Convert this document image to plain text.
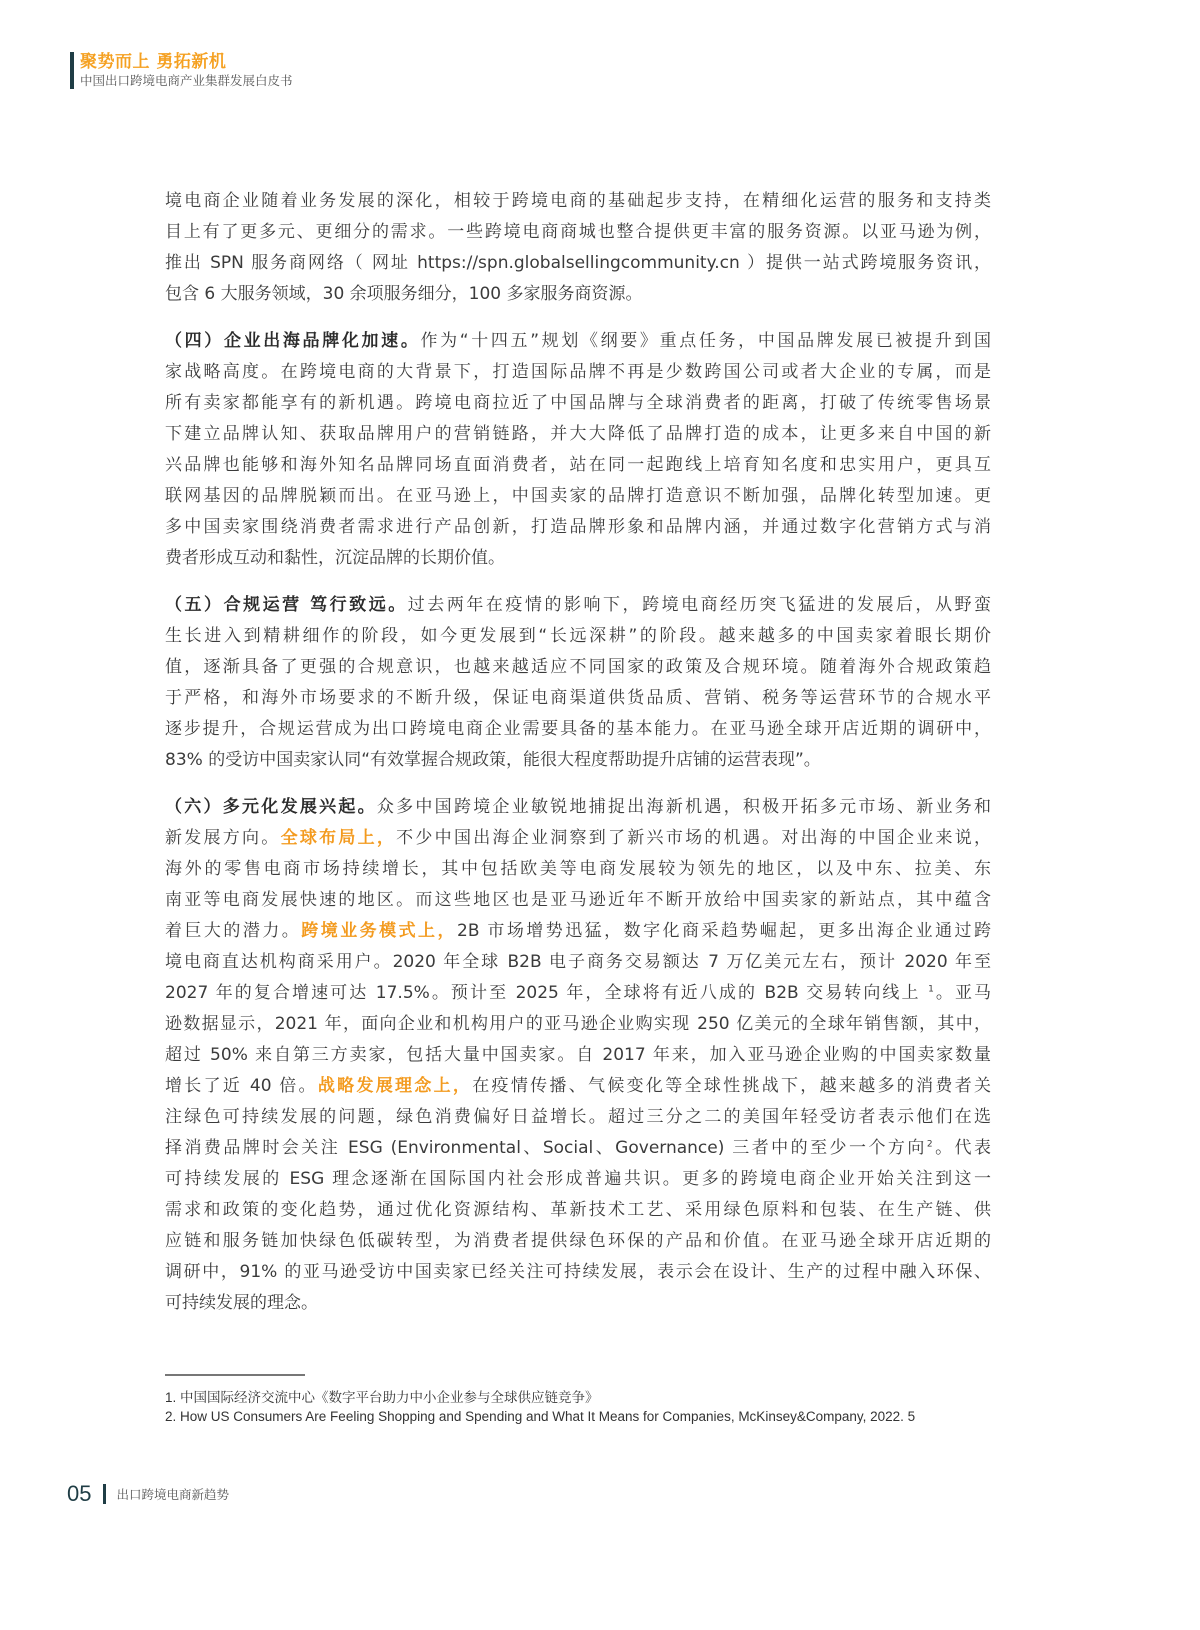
聚势而上 勇拓新机
中国出口跨境电商产业集群发展白皮书
境电商企业随着业务发展的深化，相较于跨境电商的基础起步支持，在精细化运营的服务和支持类
目上有了更多元、更细分的需求。一些跨境电商商城也整合提供更丰富的服务资源。以亚马逊为例，
推出 SPN 服务商网络（ 网址 https://spn.globalsellingcommunity.cn ）提供一站式跨境服务资讯，
包含 6 大服务领域，30 余项服务细分，100 多家服务商资源。
（四）企业出海品牌化加速。作为“十四五”规划《纲要》重点任务，中国品牌发展已被提升到国
家战略高度。在跨境电商的大背景下，打造国际品牌不再是少数跨国公司或者大企业的专属，而是
所有卖家都能享有的新机遇。跨境电商拉近了中国品牌与全球消费者的距离，打破了传统零售场景
下建立品牌认知、获取品牌用户的营销链路，并大大降低了品牌打造的成本，让更多来自中国的新
兴品牌也能够和海外知名品牌同场直面消费者，站在同一起跑线上培育知名度和忠实用户，更具互
联网基因的品牌脱颖而出。在亚马逊上，中国卖家的品牌打造意识不断加强，品牌化转型加速。更
多中国卖家围绕消费者需求进行产品创新，打造品牌形象和品牌内涵，并通过数字化营销方式与消
费者形成互动和黏性，沉淀品牌的长期价值。
（五）合规运营 笃行致远。过去两年在疫情的影响下，跨境电商经历突飞猛进的发展后，从野蛮
生长进入到精耕细作的阶段，如今更发展到“长远深耕”的阶段。越来越多的中国卖家着眼长期价
值，逐渐具备了更强的合规意识，也越来越适应不同国家的政策及合规环境。随着海外合规政策趋
于严格，和海外市场要求的不断升级，保证电商渠道供货品质、营销、税务等运营环节的合规水平
逐步提升，合规运营成为出口跨境电商企业需要具备的基本能力。在亚马逊全球开店近期的调研中，
83% 的受访中国卖家认同“有效掌握合规政策，能很大程度帮助提升店铺的运营表现”。
（六）多元化发展兴起。众多中国跨境企业敏锐地捕捉出海新机遇，积极开拓多元市场、新业务和
新发展方向。全球布局上，不少中国出海企业洞察到了新兴市场的机遇。对出海的中国企业来说，
海外的零售电商市场持续增长，其中包括欧美等电商发展较为领先的地区，以及中东、拉美、东
南亚等电商发展快速的地区。而这些地区也是亚马逊近年不断开放给中国卖家的新站点，其中蕴含
着巨大的潜力。跨境业务模式上，2B 市场增势迅猛，数字化商采趋势崛起，更多出海企业通过跨
境电商直达机构商采用户。2020 年全球 B2B 电子商务交易额达 7 万亿美元左右，预计 2020 年至
2027 年的复合增速可达 17.5%。预计至 2025 年，全球将有近八成的 B2B 交易转向线上 $^1$。亚马
逊数据显示，2021 年，面向企业和机构用户的亚马逊企业购实现 250 亿美元的全球年销售额，其中，
超过 50% 来自第三方卖家，包括大量中国卖家。自 2017 年来，加入亚马逊企业购的中国卖家数量
增长了近 40 倍。战略发展理念上，在疫情传播、气候变化等全球性挑战下，越来越多的消费者关
注绿色可持续发展的问题，绿色消费偏好日益增长。超过三分之二的美国年轻受访者表示他们在选
择消费品牌时会关注 ESG (Environmental、Social、Governance) 三者中的至少一个方向$^2$。代表
可持续发展的 ESG 理念逐渐在国际国内社会形成普遍共识。更多的跨境电商企业开始关注到这一
需求和政策的变化趋势，通过优化资源结构、革新技术工艺、采用绿色原料和包装、在生产链、供
应链和服务链加快绿色低碳转型，为消费者提供绿色环保的产品和价值。在亚马逊全球开店近期的
调研中，91% 的亚马逊受访中国卖家已经关注可持续发展，表示会在设计、生产的过程中融入环保、
可持续发展的理念。
1. 中国国际经济交流中心《数字平台助力中小企业参与全球供应链竞争》
2. How US Consumers Are Feeling Shopping and Spending and What It Means for Companies, McKinsey&Company, 2022. 5
05 出口跨境电商新趋势
